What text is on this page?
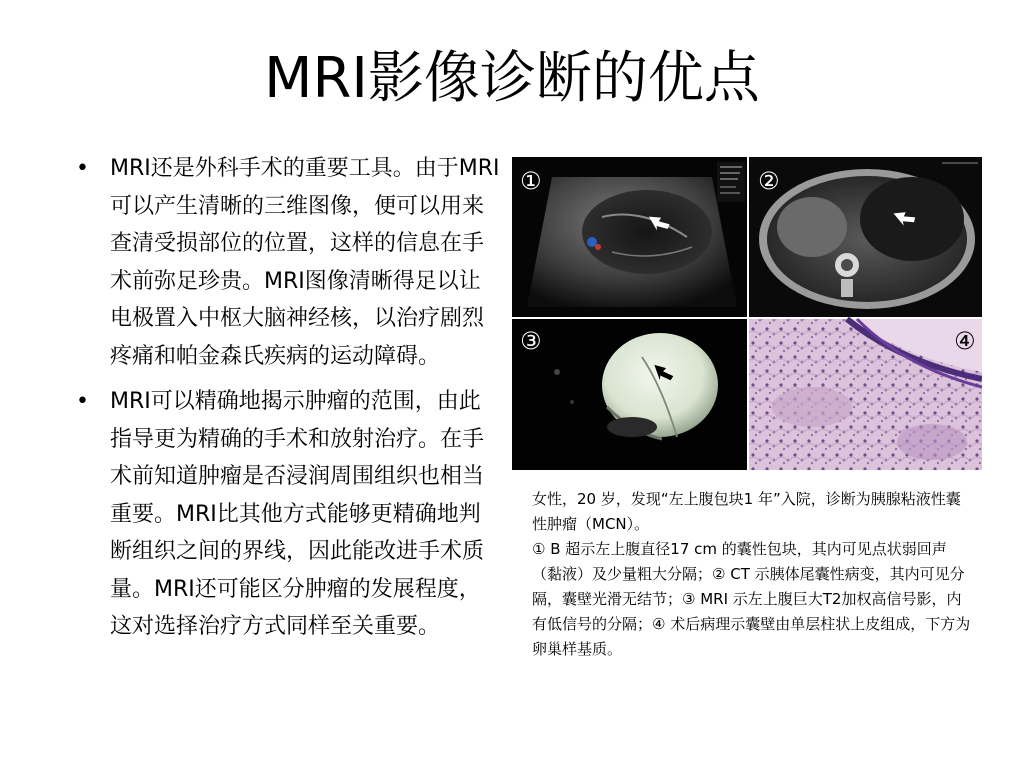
MRI影像诊断的优点
• MRI还是外科手术的重要工具。由于MRI可以产生清晰的三维图像，便可以用来查清受损部位的位置，这样的信息在手术前弥足珍贵。MRI图像清晰得足以让电极置入中枢大脑神经核，以治疗剧烈疼痛和帕金森氏疾病的运动障碍。
• MRI可以精确地揭示肿瘤的范围，由此指导更为精确的手术和放射治疗。在手术前知道肿瘤是否浸润周围组织也相当重要。MRI比其他方式能够更精确地判断组织之间的界线，因此能改进手术质量。MRI还可能区分肿瘤的发展程度，这对选择治疗方式同样至关重要。
①	②
③	④

女性，20 岁，发现“左上腹包块1 年”入院，诊断为胰腺粘液性囊性肿瘤（MCN）。

① B 超示左上腹直径17 cm 的囊性包块，其内可见点状弱回声（黏液）及少量粗大分隔；② CT 示胰体尾囊性病变，其内可见分隔，囊壁光滑无结节；③ MRI 示左上腹巨大T2加权高信号影，内有低信号的分隔；④ 术后病理示囊壁由单层柱状上皮组成，下方为卵巢样基质。
